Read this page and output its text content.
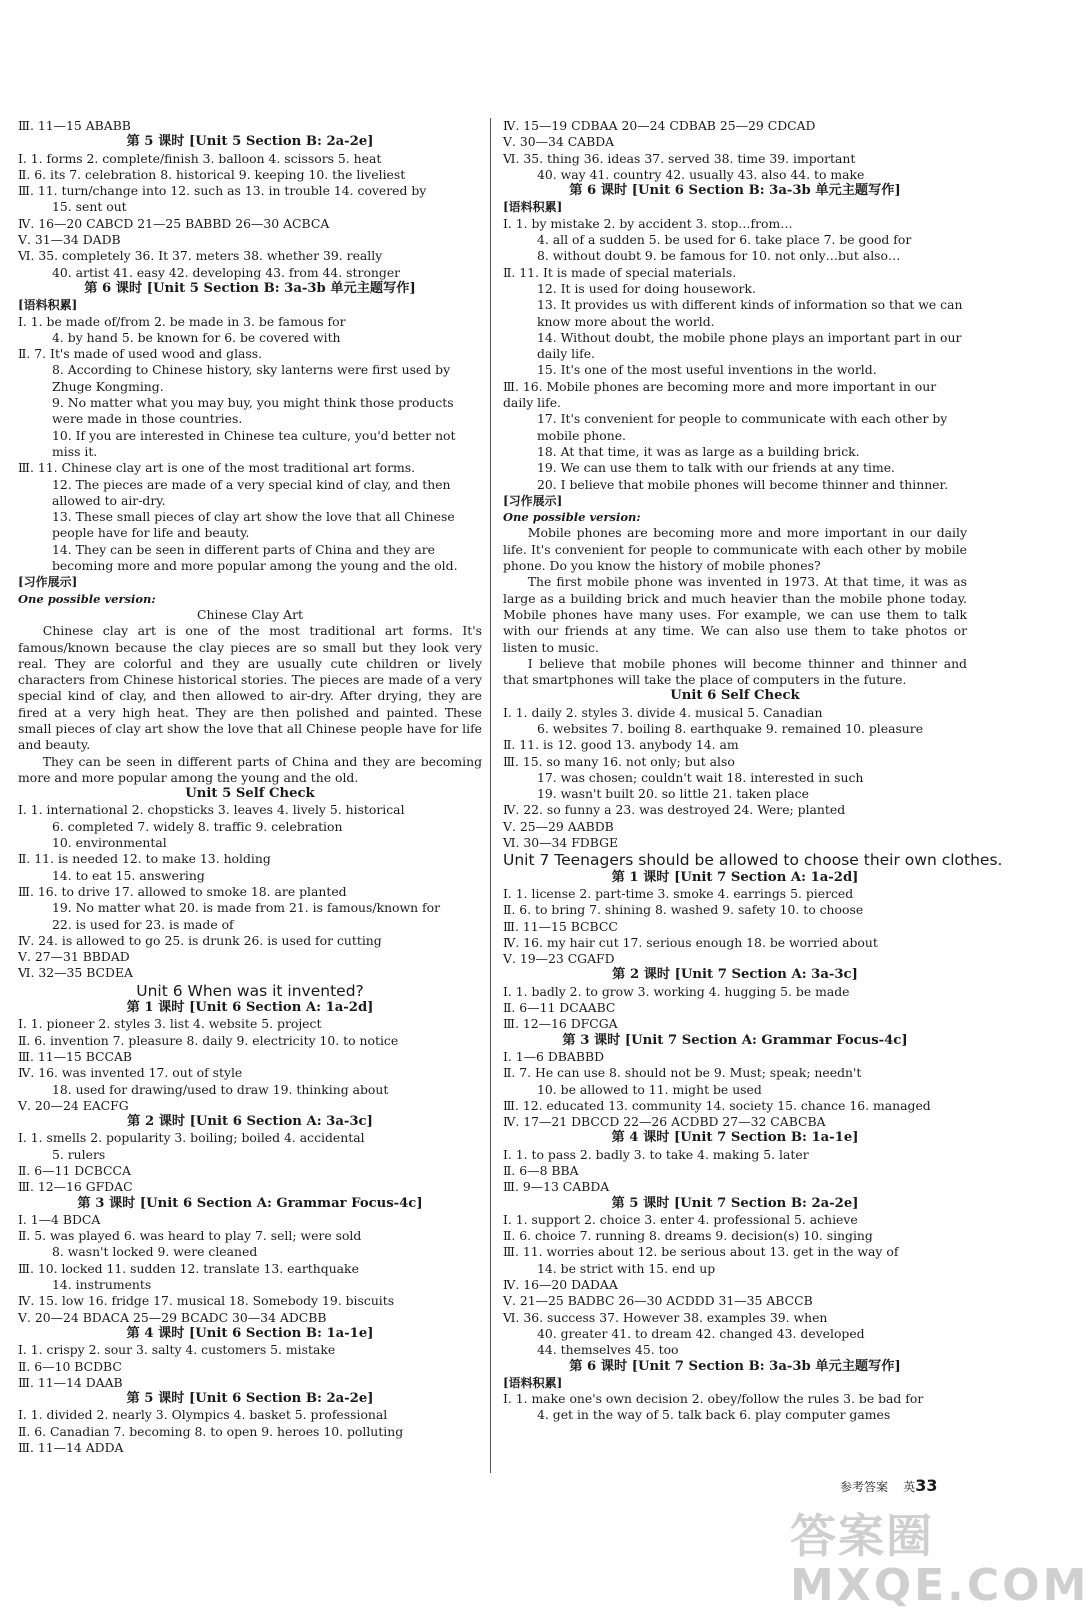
Ⅲ. 11—15 ABABB
第 5 课时 [Unit 5 Section B: 2a-2e]
Ⅰ. 1. forms 2. complete/finish 3. balloon 4. scissors 5. heat
Ⅱ. 6. its 7. celebration 8. historical 9. keeping 10. the liveliest
Ⅲ. 11. turn/change into 12. such as 13. in trouble 14. covered by
15. sent out
Ⅳ. 16—20 CABCD 21—25 BABBD 26—30 ACBCA
Ⅴ. 31—34 DADB
Ⅵ. 35. completely 36. It 37. meters 38. whether 39. really
40. artist 41. easy 42. developing 43. from 44. stronger
第 6 课时 [Unit 5 Section B: 3a-3b 单元主题写作]
[语料积累]
Ⅰ. 1. be made of/from 2. be made in 3. be famous for
4. by hand 5. be known for 6. be covered with
Ⅱ. 7. It's made of used wood and glass.
8. According to Chinese history, sky lanterns were first used by Zhuge Kongming.
9. No matter what you may buy, you might think those products were made in those countries.
10. If you are interested in Chinese tea culture, you'd better not miss it.
Ⅲ. 11. Chinese clay art is one of the most traditional art forms.
12. The pieces are made of a very special kind of clay, and then allowed to air-dry.
13. These small pieces of clay art show the love that all Chinese people have for life and beauty.
14. They can be seen in different parts of China and they are becoming more and more popular among the young and the old.
[习作展示]
One possible version:
Chinese Clay Art
Chinese clay art is one of the most traditional art forms. It's famous/known because the clay pieces are so small but they look very real. They are colorful and they are usually cute children or lively characters from Chinese historical stories. The pieces are made of a very special kind of clay, and then allowed to air-dry. After drying, they are fired at a very high heat. They are then polished and painted. These small pieces of clay art show the love that all Chinese people have for life and beauty.
They can be seen in different parts of China and they are becoming more and more popular among the young and the old.
Unit 5 Self Check
Ⅰ. 1. international 2. chopsticks 3. leaves 4. lively 5. historical
6. completed 7. widely 8. traffic 9. celebration
10. environmental
Ⅱ. 11. is needed 12. to make 13. holding
14. to eat 15. answering
Ⅲ. 16. to drive 17. allowed to smoke 18. are planted
19. No matter what 20. is made from 21. is famous/known for
22. is used for 23. is made of
Ⅳ. 24. is allowed to go 25. is drunk 26. is used for cutting
Ⅴ. 27—31 BBDAD
Ⅵ. 32—35 BCDEA
Unit 6 When was it invented?
第 1 课时 [Unit 6 Section A: 1a-2d]
Ⅰ. 1. pioneer 2. styles 3. list 4. website 5. project
Ⅱ. 6. invention 7. pleasure 8. daily 9. electricity 10. to notice
Ⅲ. 11—15 BCCAB
Ⅳ. 16. was invented 17. out of style
18. used for drawing/used to draw 19. thinking about
Ⅴ. 20—24 EACFG
第 2 课时 [Unit 6 Section A: 3a-3c]
Ⅰ. 1. smells 2. popularity 3. boiling; boiled 4. accidental
5. rulers
Ⅱ. 6—11 DCBCCA
Ⅲ. 12—16 GFDAC
第 3 课时 [Unit 6 Section A: Grammar Focus-4c]
Ⅰ. 1—4 BDCA
Ⅱ. 5. was played 6. was heard to play 7. sell; were sold
8. wasn't locked 9. were cleaned
Ⅲ. 10. locked 11. sudden 12. translate 13. earthquake
14. instruments
Ⅳ. 15. low 16. fridge 17. musical 18. Somebody 19. biscuits
Ⅴ. 20—24 BDACA 25—29 BCADC 30—34 ADCBB
第 4 课时 [Unit 6 Section B: 1a-1e]
Ⅰ. 1. crispy 2. sour 3. salty 4. customers 5. mistake
Ⅱ. 6—10 BCDBC
Ⅲ. 11—14 DAAB
第 5 课时 [Unit 6 Section B: 2a-2e]
Ⅰ. 1. divided 2. nearly 3. Olympics 4. basket 5. professional
Ⅱ. 6. Canadian 7. becoming 8. to open 9. heroes 10. polluting
Ⅲ. 11—14 ADDA
Ⅳ. 15—19 CDBAA 20—24 CDBAB 25—29 CDCAD
Ⅴ. 30—34 CABDA
Ⅵ. 35. thing 36. ideas 37. served 38. time 39. important
40. way 41. country 42. usually 43. also 44. to make
第 6 课时 [Unit 6 Section B: 3a-3b 单元主题写作]
[语料积累]
Ⅰ. 1. by mistake 2. by accident 3. stop…from…
4. all of a sudden 5. be used for 6. take place 7. be good for
8. without doubt 9. be famous for 10. not only…but also…
Ⅱ. 11. It is made of special materials.
12. It is used for doing housework.
13. It provides us with different kinds of information so that we can know more about the world.
14. Without doubt, the mobile phone plays an important part in our daily life.
15. It's one of the most useful inventions in the world.
Ⅲ. 16. Mobile phones are becoming more and more important in our daily life.
17. It's convenient for people to communicate with each other by mobile phone.
18. At that time, it was as large as a building brick.
19. We can use them to talk with our friends at any time.
20. I believe that mobile phones will become thinner and thinner.
[习作展示]
One possible version:
Mobile phones are becoming more and more important in our daily life. It's convenient for people to communicate with each other by mobile phone. Do you know the history of mobile phones?
The first mobile phone was invented in 1973. At that time, it was as large as a building brick and much heavier than the mobile phone today. Mobile phones have many uses. For example, we can use them to talk with our friends at any time. We can also use them to take photos or listen to music.
I believe that mobile phones will become thinner and thinner and that smartphones will take the place of computers in the future.
Unit 6 Self Check
Ⅰ. 1. daily 2. styles 3. divide 4. musical 5. Canadian
6. websites 7. boiling 8. earthquake 9. remained 10. pleasure
Ⅱ. 11. is 12. good 13. anybody 14. am
Ⅲ. 15. so many 16. not only; but also
17. was chosen; couldn't wait 18. interested in such
19. wasn't built 20. so little 21. taken place
Ⅳ. 22. so funny a 23. was destroyed 24. Were; planted
Ⅴ. 25—29 AABDB
Ⅵ. 30—34 FDBGE
Unit 7 Teenagers should be allowed to choose their own clothes.
第 1 课时 [Unit 7 Section A: 1a-2d]
Ⅰ. 1. license 2. part-time 3. smoke 4. earrings 5. pierced
Ⅱ. 6. to bring 7. shining 8. washed 9. safety 10. to choose
Ⅲ. 11—15 BCBCC
Ⅳ. 16. my hair cut 17. serious enough 18. be worried about
Ⅴ. 19—23 CGAFD
第 2 课时 [Unit 7 Section A: 3a-3c]
Ⅰ. 1. badly 2. to grow 3. working 4. hugging 5. be made
Ⅱ. 6—11 DCAABC
Ⅲ. 12—16 DFCGA
第 3 课时 [Unit 7 Section A: Grammar Focus-4c]
Ⅰ. 1—6 DBABBD
Ⅱ. 7. He can use 8. should not be 9. Must; speak; needn't
10. be allowed to 11. might be used
Ⅲ. 12. educated 13. community 14. society 15. chance 16. managed
Ⅳ. 17—21 DBCCD 22—26 ACDBD 27—32 CABCBA
第 4 课时 [Unit 7 Section B: 1a-1e]
Ⅰ. 1. to pass 2. badly 3. to take 4. making 5. later
Ⅱ. 6—8 BBA
Ⅲ. 9—13 CABDA
第 5 课时 [Unit 7 Section B: 2a-2e]
Ⅰ. 1. support 2. choice 3. enter 4. professional 5. achieve
Ⅱ. 6. choice 7. running 8. dreams 9. decision(s) 10. singing
Ⅲ. 11. worries about 12. be serious about 13. get in the way of
14. be strict with 15. end up
Ⅳ. 16—20 DADAA
Ⅴ. 21—25 BADBC 26—30 ACDDD 31—35 ABCCB
Ⅵ. 36. success 37. However 38. examples 39. when
40. greater 41. to dream 42. changed 43. developed
44. themselves 45. too
第 6 课时 [Unit 7 Section B: 3a-3b 单元主题写作]
[语料积累]
Ⅰ. 1. make one's own decision 2. obey/follow the rules 3. be bad for
4. get in the way of 5. talk back 6. play computer games
参考答案 英33
答案圈
MXQE.COM
